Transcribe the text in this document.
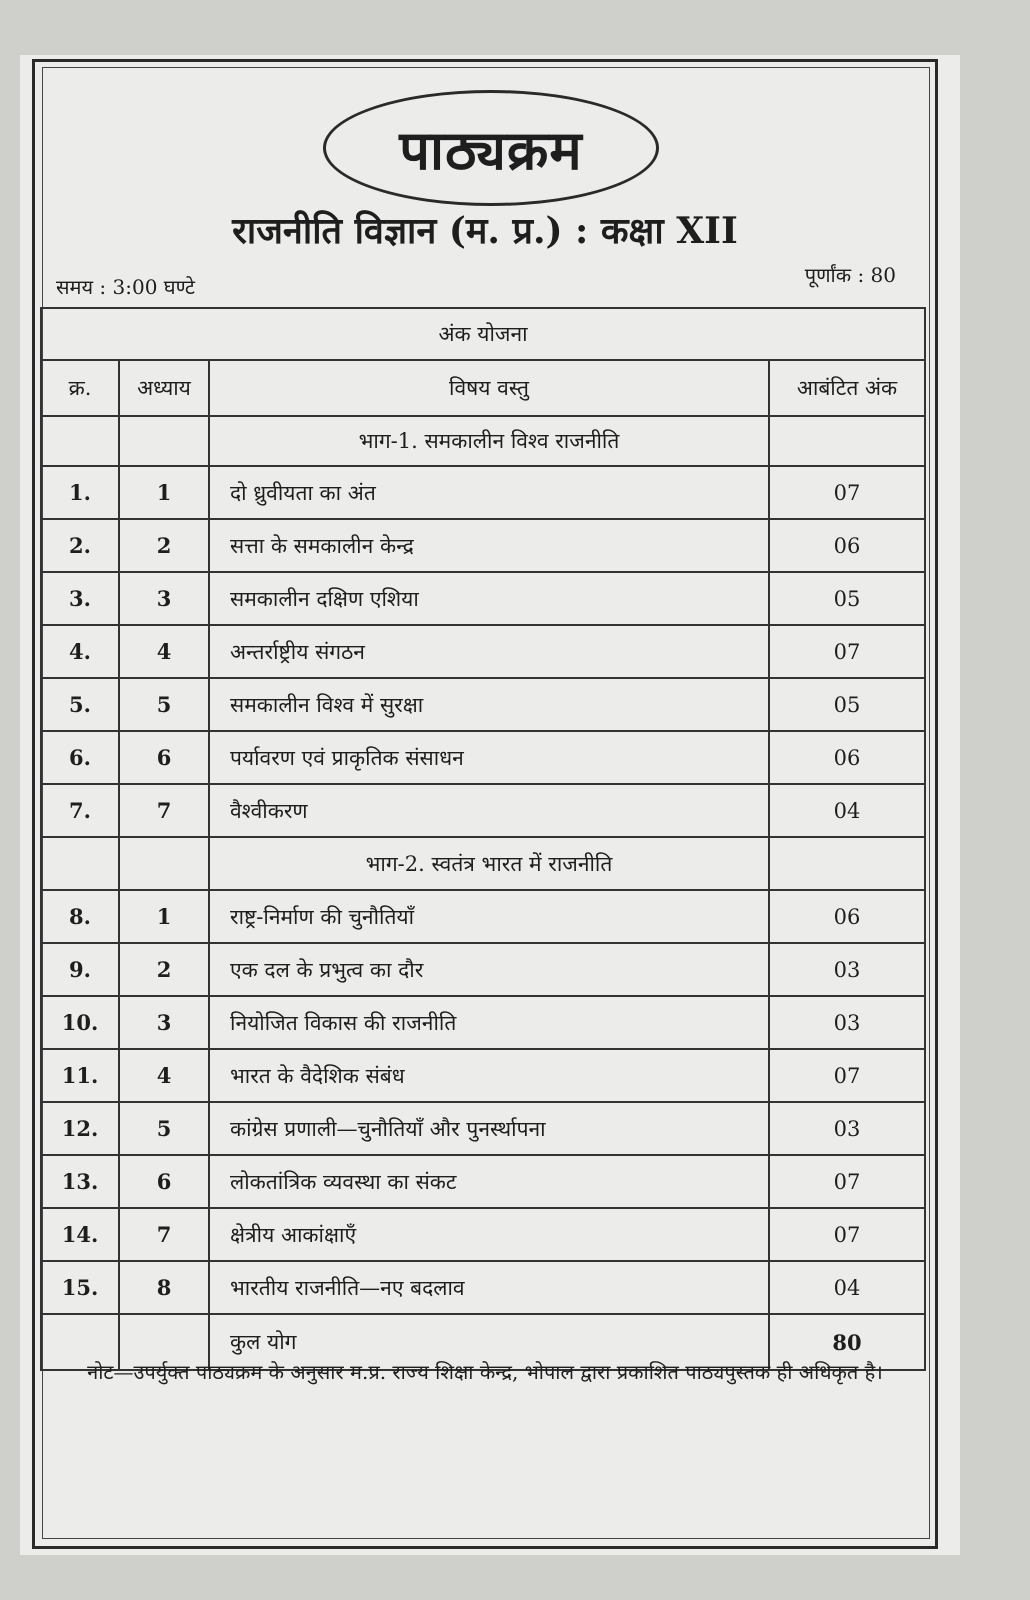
पाठ्यक्रम
राजनीति विज्ञान (म. प्र.) : कक्षा XII
समय : 3:00 घण्टे	पूर्णांक : 80
अंक योजना			
क्र.	अध्याय	विषय वस्तु	आबंटित अंक
		भाग-1. समकालीन विश्व राजनीति	
1.	1	दो ध्रुवीयता का अंत	07
2.	2	सत्ता के समकालीन केन्द्र	06
3.	3	समकालीन दक्षिण एशिया	05
4.	4	अन्तर्राष्ट्रीय संगठन	07
5.	5	समकालीन विश्व में सुरक्षा	05
6.	6	पर्यावरण एवं प्राकृतिक संसाधन	06
7.	7	वैश्वीकरण	04
		भाग-2. स्वतंत्र भारत में राजनीति	
8.	1	राष्ट्र-निर्माण की चुनौतियाँ	06
9.	2	एक दल के प्रभुत्व का दौर	03
10.	3	नियोजित विकास की राजनीति	03
11.	4	भारत के वैदेशिक संबंध	07
12.	5	कांग्रेस प्रणाली—चुनौतियाँ और पुनर्स्थापना	03
13.	6	लोकतांत्रिक व्यवस्था का संकट	07
14.	7	क्षेत्रीय आकांक्षाएँ	07
15.	8	भारतीय राजनीति—नए बदलाव	04
		कुल योग	80
नोट—उपर्युक्त पाठ्यक्रम के अनुसार म.प्र. राज्य शिक्षा केन्द्र, भोपाल द्वारा प्रकाशित पाठ्यपुस्तक ही अधिकृत है।
